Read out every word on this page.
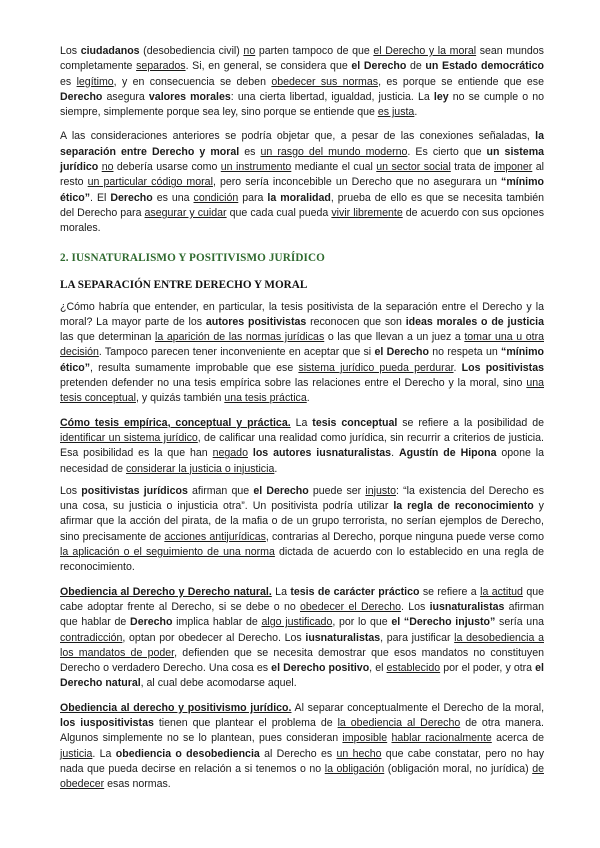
Los ciudadanos (desobediencia civil) no parten tampoco de que el Derecho y la moral sean mundos completamente separados. Si, en general, se considera que el Derecho de un Estado democrático es legítimo, y en consecuencia se deben obedecer sus normas, es porque se entiende que ese Derecho asegura valores morales: una cierta libertad, igualdad, justicia. La ley no se cumple o no siempre, simplemente porque sea ley, sino porque se entiende que es justa.

A las consideraciones anteriores se podría objetar que, a pesar de las conexiones señaladas, la separación entre Derecho y moral es un rasgo del mundo moderno. Es cierto que un sistema jurídico no debería usarse como un instrumento mediante el cual un sector social trata de imponer al resto un particular código moral, pero sería inconcebible un Derecho que no asegurara un “mínimo ético”. El Derecho es una condición para la moralidad, prueba de ello es que se necesita también del Derecho para asegurar y cuidar que cada cual pueda vivir libremente de acuerdo con sus opciones morales.

2. IUSNATURALISMO Y POSITIVISMO JURÍDICO
LA SEPARACIÓN ENTRE DERECHO Y MORAL

¿Cómo habría que entender, en particular, la tesis positivista de la separación entre el Derecho y la moral? La mayor parte de los autores positivistas reconocen que son ideas morales o de justicia las que determinan la aparición de las normas jurídicas o las que llevan a un juez a tomar una u otra decisión. Tampoco parecen tener inconveniente en aceptar que si el Derecho no respeta un “mínimo ético”, resulta sumamente improbable que ese sistema jurídico pueda perdurar. Los positivistas pretenden defender no una tesis empírica sobre las relaciones entre el Derecho y la moral, sino una tesis conceptual, y quizás también una tesis práctica.

Cómo tesis empírica, conceptual y práctica. La tesis conceptual se refiere a la posibilidad de identificar un sistema jurídico, de calificar una realidad como jurídica, sin recurrir a criterios de justicia. Esa posibilidad es la que han negado los autores iusnaturalistas. Agustín de Hipona opone la necesidad de considerar la justicia o injusticia.

Los positivistas jurídicos afirman que el Derecho puede ser injusto: “la existencia del Derecho es una cosa, su justicia o injusticia otra”. Un positivista podría utilizar la regla de reconocimiento y afirmar que la acción del pirata, de la mafia o de un grupo terrorista, no serían ejemplos de Derecho, sino precisamente de acciones antijurídicas, contrarias al Derecho, porque ninguna puede verse como la aplicación o el seguimiento de una norma dictada de acuerdo con lo establecido en una regla de reconocimiento.

Obediencia al Derecho y Derecho natural. La tesis de carácter práctico se refiere a la actitud que cabe adoptar frente al Derecho, si se debe o no obedecer el Derecho. Los iusnaturalistas afirman que hablar de Derecho implica hablar de algo justificado, por lo que el “Derecho injusto” sería una contradicción, optan por obedecer al Derecho. Los iusnaturalistas, para justificar la desobediencia a los mandatos de poder, defienden que se necesita demostrar que esos mandatos no constituyen Derecho o verdadero Derecho. Una cosa es el Derecho positivo, el establecido por el poder, y otra el Derecho natural, al cual debe acomodarse aquel.

Obediencia al derecho y positivismo jurídico. Al separar conceptualmente el Derecho de la moral, los iuspositivistas tienen que plantear el problema de la obediencia al Derecho de otra manera. Algunos simplemente no se lo plantean, pues consideran imposible hablar racionalmente acerca de justicia. La obediencia o desobediencia al Derecho es un hecho que cabe constatar, pero no hay nada que pueda decirse en relación a si tenemos o no la obligación (obligación moral, no jurídica) de obedecer esas normas.
